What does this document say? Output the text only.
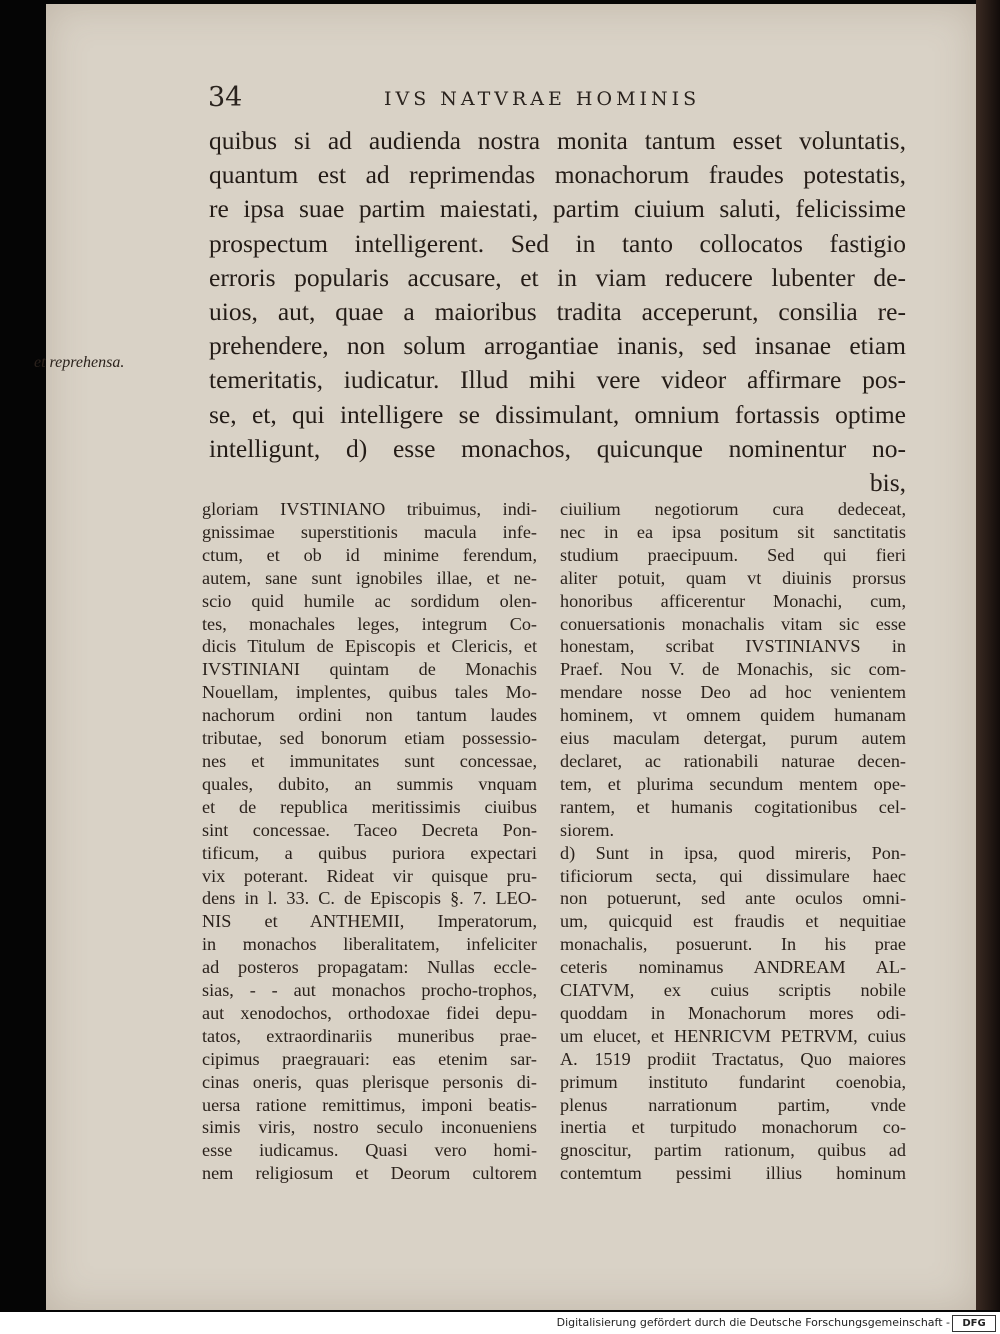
34	IVS NATVRAE HOMINIS
quibus si ad audienda nostra monita tantum esset voluntatis,
quantum est ad reprimendas monachorum fraudes potestatis,
re ipsa suae partim maiestati, partim ciuium saluti, felicissime
prospectum intelligerent. Sed in tanto collocatos fastigio
erroris popularis accusare, et in viam reducere lubenter de-
uios, aut, quae a maioribus tradita acceperunt, consilia re-
prehendere, non solum arrogantiae inanis, sed insanae etiam
temeritatis, iudicatur. Illud mihi vere videor affirmare pos-
se, et, qui intelligere se dissimulant, omnium fortassis optime
intelligunt, d) esse monachos, quicunque nominentur no-
bis,
gloriam IVSTINIANO tribuimus, indi-
gnissimae superstitionis macula infe-
ctum, et ob id minime ferendum,
autem, sane sunt ignobiles illae, et ne-
scio quid humile ac sordidum olen-
tes, monachales leges, integrum Co-
dicis Titulum de Episcopis et Clericis, et
IVSTINIANI quintam de Monachis
Nouellam, implentes, quibus tales Mo-
nachorum ordini non tantum laudes
tributae, sed bonorum etiam possessio-
nes et immunitates sunt concessae,
quales, dubito, an summis vnquam
et de republica meritissimis ciuibus
sint concessae. Taceo Decreta Pon-
tificum, a quibus puriora expectari
vix poterant. Rideat vir quisque pru-
dens in l. 33. C. de Episcopis §. 7. LEO-
NIS et ANTHEMII, Imperatorum,
in monachos liberalitatem, infeliciter
ad posteros propagatam: Nullas eccle-
sias, - - aut monachos procho-trophos,
aut xenodochos, orthodoxae fidei depu-
tatos, extraordinariis muneribus prae-
cipimus praegrauari: eas etenim sar-
cinas oneris, quas plerisque personis di-
uersa ratione remittimus, imponi beatis-
simis viris, nostro seculo inconueniens
esse iudicamus. Quasi vero homi-
nem religiosum et Deorum cultorem
ciuilium negotiorum cura dedeceat,
nec in ea ipsa positum sit sanctitatis
studium praecipuum. Sed qui fieri
aliter potuit, quam vt diuinis prorsus
honoribus afficerentur Monachi, cum,
conuersationis monachalis vitam sic esse
honestam, scribat IVSTINIANVS in
Praef. Nou V. de Monachis, sic com-
mendare nosse Deo ad hoc venientem
hominem, vt omnem quidem humanam
eius maculam detergat, purum autem
declaret, ac rationabili naturae decen-
tem, et plurima secundum mentem ope-
rantem, et humanis cogitationibus cel-
siorem.
d) Sunt in ipsa, quod mireris, Pon-
tificiorum secta, qui dissimulare haec
non potuerunt, sed ante oculos omni-
um, quicquid est fraudis et nequitiae
monachalis, posuerunt. In his prae
ceteris nominamus ANDREAM AL-
CIATVM, ex cuius scriptis nobile
quoddam in Monachorum mores odi-
um elucet, et HENRICVM PETRVM, cuius
A. 1519 prodiit Tractatus, Quo maiores
primum instituto fundarint coenobia,
plenus narrationum partim, vnde
inertia et turpitudo monachorum co-
gnoscitur, partim rationum, quibus ad
contemtum pessimi illius hominum
et reprehensa.
Digitalisierung gefördert durch die Deutsche Forschungsgemeinschaft -	DFG
